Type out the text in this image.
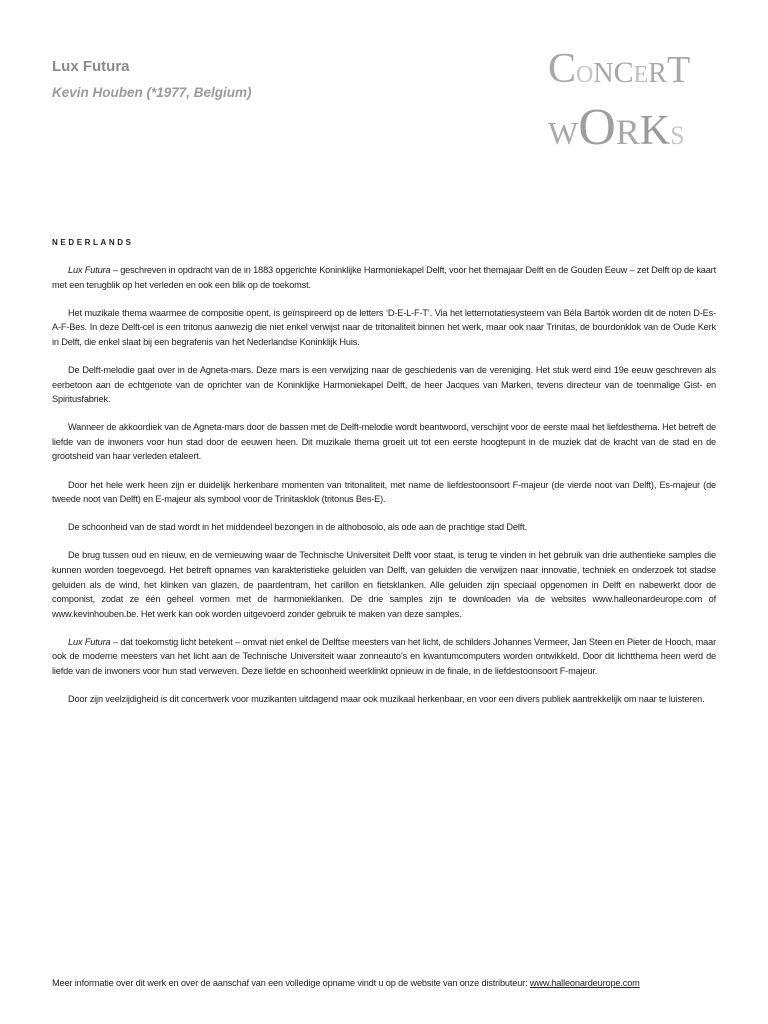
Lux Futura
Kevin Houben (*1977, Belgium)
CONCERT
WORKS
NEDERLANDS

Lux Futura – geschreven in opdracht van de in 1883 opgerichte Koninklijke Harmoniekapel Delft, voor het themajaar Delft en de Gouden Eeuw – zet Delft op de kaart met een terugblik op het verleden en ook een blik op de toekomst.

Het muzikale thema waarmee de compositie opent, is geïnspireerd op de letters ‘D-E-L-F-T’. Via het letternotatiesysteem van Béla Bartók worden dit de noten D-Es-A-F-Bes. In deze Delft-cel is een tritonus aanwezig die niet enkel verwijst naar de tritonaliteit binnen het werk, maar ook naar Trinitas, de bourdonklok van de Oude Kerk in Delft, die enkel slaat bij een begrafenis van het Nederlandse Koninklijk Huis.

De Delft-melodie gaat over in de Agneta-mars. Deze mars is een verwijzing naar de geschiedenis van de vereniging. Het stuk werd eind 19e eeuw geschreven als eerbetoon aan de echtgenote van de oprichter van de Koninklijke Harmoniekapel Delft, de heer Jacques van Marken, tevens directeur van de toenmalige Gist- en Spiritusfabriek.

Wanneer de akkoordiek van de Agneta-mars door de bassen met de Delft-melodie wordt beantwoord, verschijnt voor de eerste maal het liefdesthema. Het betreft de liefde van de inwoners voor hun stad door de eeuwen heen. Dit muzikale thema groeit uit tot een eerste hoogtepunt in de muziek dat de kracht van de stad en de grootsheid van haar verleden etaleert.

Door het hele werk heen zijn er duidelijk herkenbare momenten van tritonaliteit, met name de liefdestoonsoort F-majeur (de vierde noot van Delft), Es-majeur (de tweede noot van Delft) en E-majeur als symbool voor de Trinitasklok (tritonus Bes-E).

De schoonheid van de stad wordt in het middendeel bezongen in de althobosolo, als ode aan de prachtige stad Delft.

De brug tussen oud en nieuw, en de vernieuwing waar de Technische Universiteit Delft voor staat, is terug te vinden in het gebruik van drie authentieke samples die kunnen worden toegevoegd. Het betreft opnames van karakteristieke geluiden van Delft, van geluiden die verwijzen naar innovatie, techniek en onderzoek tot stadse geluiden als de wind, het klinken van glazen, de paardentram, het carillon en fietsklanken. Alle geluiden zijn speciaal opgenomen in Delft en nabewerkt door de componist, zodat ze één geheel vormen met de harmonieklanken. De drie samples zijn te downloaden via de websites www.halleonardeurope.com of www.kevinhouben.be. Het werk kan ook worden uitgevoerd zonder gebruik te maken van deze samples.

Lux Futura – dat toekomstig licht betekent – omvat niet enkel de Delftse meesters van het licht, de schilders Johannes Vermeer, Jan Steen en Pieter de Hooch, maar ook de moderne meesters van het licht aan de Technische Universiteit waar zonneauto’s en kwantumcomputers worden ontwikkeld. Door dit lichtthema heen werd de liefde van de inwoners voor hun stad verweven. Deze liefde en schoonheid weerklinkt opnieuw in de finale, in de liefdestoonsoort F-majeur.

Door zijn veelzijdigheid is dit concertwerk voor muzikanten uitdagend maar ook muzikaal herkenbaar, en voor een divers publiek aantrekkelijk om naar te luisteren.

Meer informatie over dit werk en over de aanschaf van een volledige opname vindt u op de website van onze distributeur: www.halleonardeurope.com
